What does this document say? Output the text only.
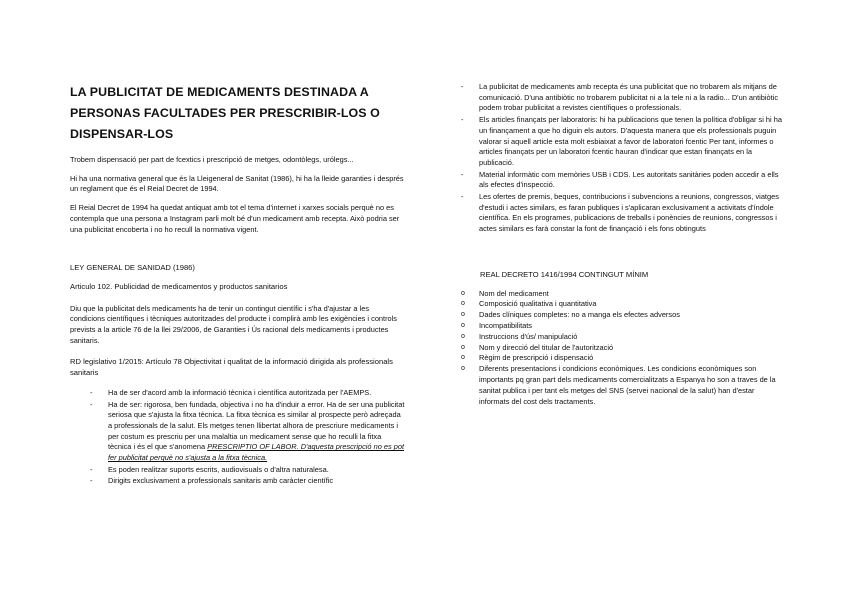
LA PUBLICITAT DE MEDICAMENTS DESTINADA A PERSONAS FACULTADES PER PRESCRIBIR-LOS O DISPENSAR-LOS

Trobem dispensació per part de fcextics i prescripció de metges, odontòlegs, urólegs...

Hi ha una normativa general que és la Lleigeneral de Sanitat (1986), hi ha la lleide garanties i després un reglament que és el Reial Decret de 1994.

El Reial Decret de 1994 ha quedat antiquat amb tot el tema d'internet i xarxes socials perquè no es contempla que una persona a Instagram parli molt bé d'un medicament amb recepta. Això podria ser una publicitat encoberta i no ho recull la normativa vigent.

LEY GENERAL DE SANIDAD (1986)

Articulo 102. Publicidad de medicamentos y productos sanitarios

Diu que la publicitat dels medicaments ha de tenir un contingut científic i s'ha d'ajustar a les condicions científiques i tècniques autoritzades del producte i complirà amb les exigències i controls prevists a la article 76 de la llei 29/2006, de Garanties i Ús racional dels medicaments i productes sanitaris.

RD legislativo 1/2015: Artículo 78 Objectivitat i qualitat de la informació dirigida als professionals sanitaris

- Ha de ser d'acord amb la informació tècnica i científica autoritzada per l'AEMPS.
- Ha de ser: rigorosa, ben fundada, objectiva i no ha d'induir a error. Ha de ser una publicitat seriosa que s'ajusta la fitxa tècnica. La fitxa tècnica es similar al prospecte però adreçada a professionals de la salut. Els metges tenen llibertat alhora de prescriure medicaments i per costum es prescriu per una malaltia un medicament sense que ho reculli la fitxa tècnica i és el que s'anomena PRESCRIPTIO OF LABOR. D'aquesta prescripció no es pot fer publicitat perquè no s'ajusta a la fitxa tècnica.
- Es poden realitzar suports escrits, audiovisuals o d'altra naturalesa.
- Dirigits exclusivament a professionals sanitaris amb caràcter científic
- La publicitat de medicaments amb recepta és una publicitat que no trobarem als mitjans de comunicació. D'una antibiòtic no trobarem publicitat ni a la tele ni a la radio... D'un antibiòtic podem trobar publicitat a revistes científiques o professionals.
- Els articles finançats per laboratoris: hi ha publicacions que tenen la política d'obligar si hi ha un finançament a que ho diguin els autors. D'aquesta manera que els professionals puguin valorar si aquell article esta molt esbiaixat a favor de laboratori fcentic Per tant, informes o articles finançats per un laboratori fcentic hauran d'indicar que estan finançats en la publicació.
- Material informàtic com memòries USB i CDS. Les autoritats sanitàries poden accedir a ells als efectes d'inspecció.
- Les ofertes de premis, beques, contribucions i subvencions a reunions, congressos, viatges d'estudi i actes similars, es faran publiques i s'aplicaran exclusivament a activitats d'índole científica. En els programes, publicacions de treballs i ponències de reunions, congressos i actes similars es farà constar la font de finançació i els fons obtinguts

REAL DECRETO 1416/1994 CONTINGUT MÍNIM

o Nom del medicament
o Composició qualitativa i quantitativa
o Dades clíniques completes: no a manga els efectes adversos
o Incompatibilitats
o Instruccions d'ús/ manipulació
o Nom y direcció del titular de l'autorització
o Règim de prescripció i dispensació
o Diferents presentacions i condicions econòmiques. Les condicions econòmiques son importants pq gran part dels medicaments comercialitzats a Espanya ho son a traves de la sanitat publica i per tant els metges del SNS (servei nacional de la salut) han d'estar informats del cost dels tractaments.
